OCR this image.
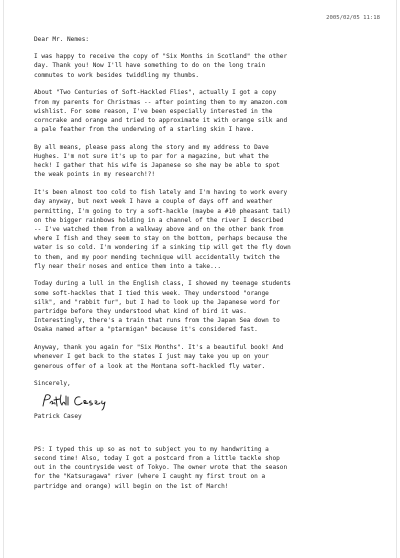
2005/02/05 11:18

Dear Mr. Nemes:

I was happy to receive the copy of "Six Months in Scotland" the other
day. Thank you! Now I'll have something to do on the long train
commutes to work besides twiddling my thumbs.

About "Two Centuries of Soft-Hackled Flies", actually I got a copy
from my parents for Christmas -- after pointing them to my amazon.com
wishlist. For some reason, I've been especially interested in the
corncrake and orange and tried to approximate it with orange silk and
a pale feather from the underwing of a starling skin I have.

By all means, please pass along the story and my address to Dave
Hughes. I'm not sure it's up to par for a magazine, but what the
heck! I gather that his wife is Japanese so she may be able to spot
the weak points in my research!?!

It's been almost too cold to fish lately and I'm having to work every
day anyway, but next week I have a couple of days off and weather
permitting, I'm going to try a soft-hackle (maybe a #10 pheasant tail)
on the bigger rainbows holding in a channel of the river I described
-- I've watched them from a walkway above and on the other bank from
where I fish and they seem to stay on the bottom, perhaps because the
water is so cold. I'm wondering if a sinking tip will get the fly down
to them, and my poor mending technique will accidentally twitch the
fly near their noses and entice them into a take...

Today during a lull in the English class, I showed my teenage students
some soft-hackles that I tied this week. They understood "orange
silk", and "rabbit fur", but I had to look up the Japanese word for
partridge before they understood what kind of bird it was.
Interestingly, there's a train that runs from the Japan Sea down to
Osaka named after a "ptarmigan" because it's considered fast.

Anyway, thank you again for "Six Months". It's a beautiful book! And
whenever I get back to the states I just may take you up on your
generous offer of a look at the Montana soft-hackled fly water.

Sincerely,

Patrick Casey

PS: I typed this up so as not to subject you to my handwriting a
second time! Also, today I got a postcard from a little tackle shop
out in the countryside west of Tokyo. The owner wrote that the season
for the "Katsuragawa" river (where I caught my first trout on a
partridge and orange) will begin on the 1st of March!
